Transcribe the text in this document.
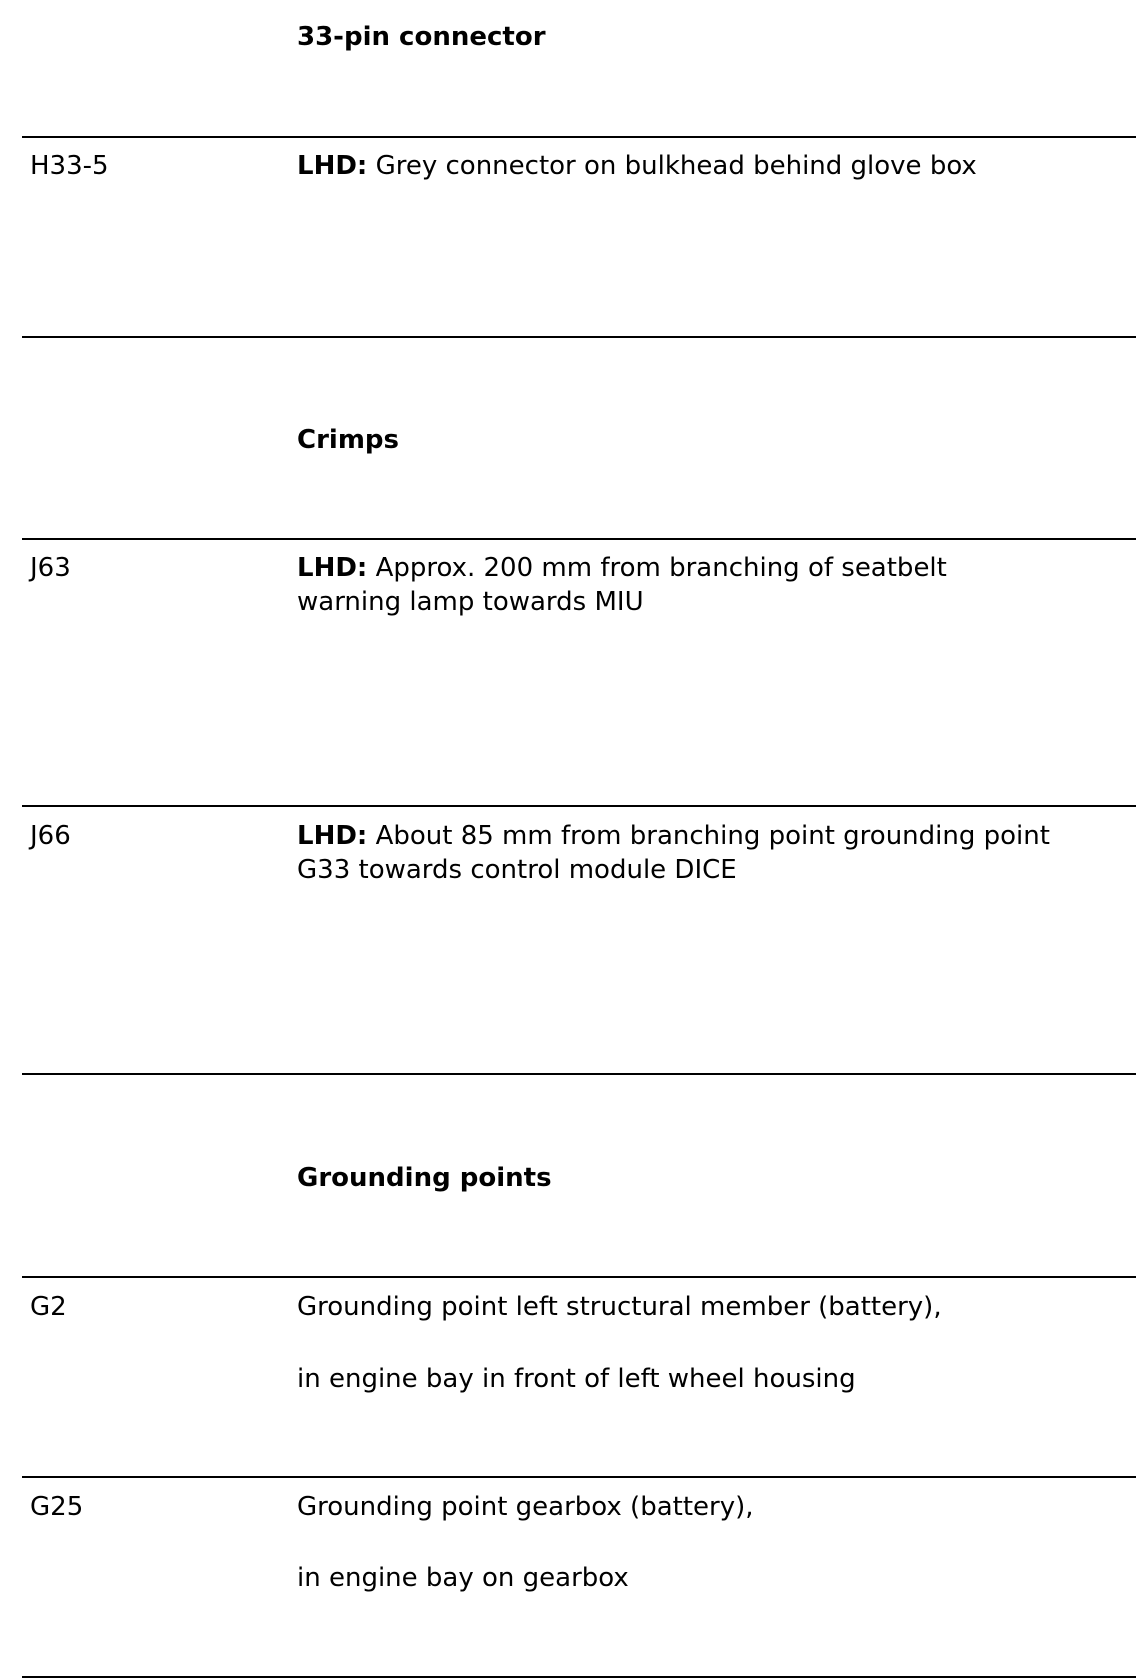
33-pin connector
H33-5	LHD: Grey connector on bulkhead behind glove box
Crimps
J63	LHD: Approx. 200 mm from branching of seatbelt
warning lamp towards MIU
J66	LHD: About 85 mm from branching point grounding point
G33 towards control module DICE
Grounding points
G2	Grounding point left structural member (battery),
in engine bay in front of left wheel housing
G25	Grounding point gearbox (battery),
in engine bay on gearbox
